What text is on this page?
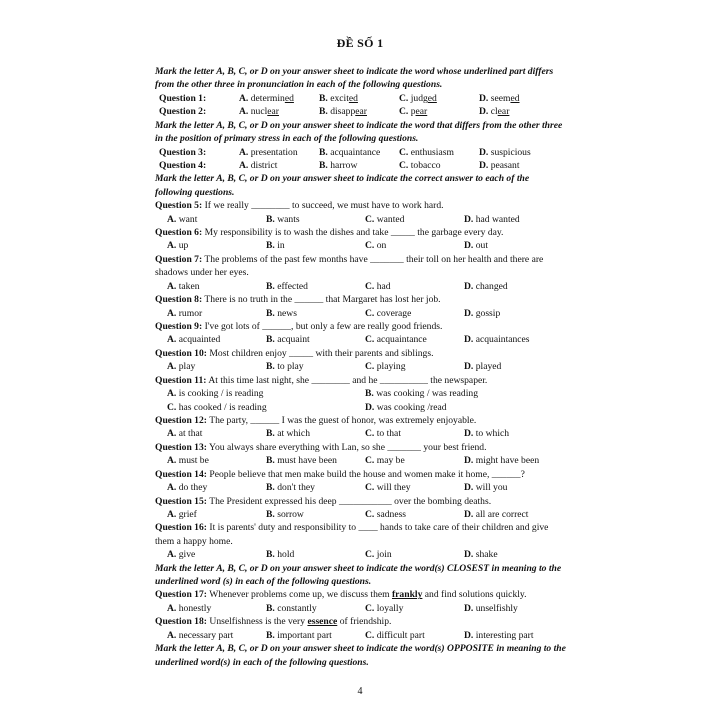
ĐỀ SỐ 1

Mark the letter A, B, C, or D on your answer sheet to indicate the word whose underlined part differs from the other three in pronunciation in each of the following questions.

Question 1:	A. determined	B. excited	C. judged	D. seemed
Question 2:	A. nuclear	B. disappear	C. pear	D. clear

Mark the letter A, B, C, or D on your answer sheet to indicate the word that differs from the other three in the position of primary stress in each of the following questions.

Question 3:	A. presentation	B. acquaintance	C. enthusiasm	D. suspicious
Question 4:	A. district	B. harrow	C. tobacco	D. peasant

Mark the letter A, B, C, or D on your answer sheet to indicate the correct answer to each of the following questions.

Question 5: If we really ________ to succeed, we must have to work hard.

A. want	B. wants	C. wanted	D. had wanted

Question 6: My responsibility is to wash the dishes and take _____ the garbage every day.

A. up	B. in	C. on	D. out

Question 7: The problems of the past few months have _______ their toll on her health and there are shadows under her eyes.

A. taken	B. effected	C. had	D. changed

Question 8: There is no truth in the ______ that Margaret has lost her job.

A. rumor	B. news	C. coverage	D. gossip

Question 9: I've got lots of ______, but only a few are really good friends.

A. acquainted	B. acquaint	C. acquaintance	D. acquaintances

Question 10: Most children enjoy _____ with their parents and siblings.

A. play	B. to play	C. playing	D. played

Question 11: At this time last night, she ________ and he __________ the newspaper.

A. is cooking / is reading	B. was cooking / was reading
C. has cooked / is reading	D. was cooking /read

Question 12: The party, ______ I was the guest of honor, was extremely enjoyable.

A. at that	B. at which	C. to that	D. to which

Question 13: You always share everything with Lan, so she _______ your best friend.

A. must be	B. must have been	C. may be	D. might have been

Question 14: People believe that men make build the house and women make it home, ______?

A. do they	B. don't they	C. will they	D. will you

Question 15: The President expressed his deep ___________ over the bombing deaths.

A. grief	B. sorrow	C. sadness	D. all are correct

Question 16: It is parents' duty and responsibility to ____ hands to take care of their children and give them a happy home.

A. give	B. hold	C. join	D. shake

Mark the letter A, B, C, or D on your answer sheet to indicate the word(s) CLOSEST in meaning to the underlined word (s) in each of the following questions.

Question 17: Whenever problems come up, we discuss them frankly and find solutions quickly.

A. honestly	B. constantly	C. loyally	D. unselfishly

Question 18: Unselfishness is the very essence of friendship.

A. necessary part	B. important part	C. difficult part	D. interesting part

Mark the letter A, B, C, or D on your answer sheet to indicate the word(s) OPPOSITE in meaning to the underlined word(s) in each of the following questions.

4
